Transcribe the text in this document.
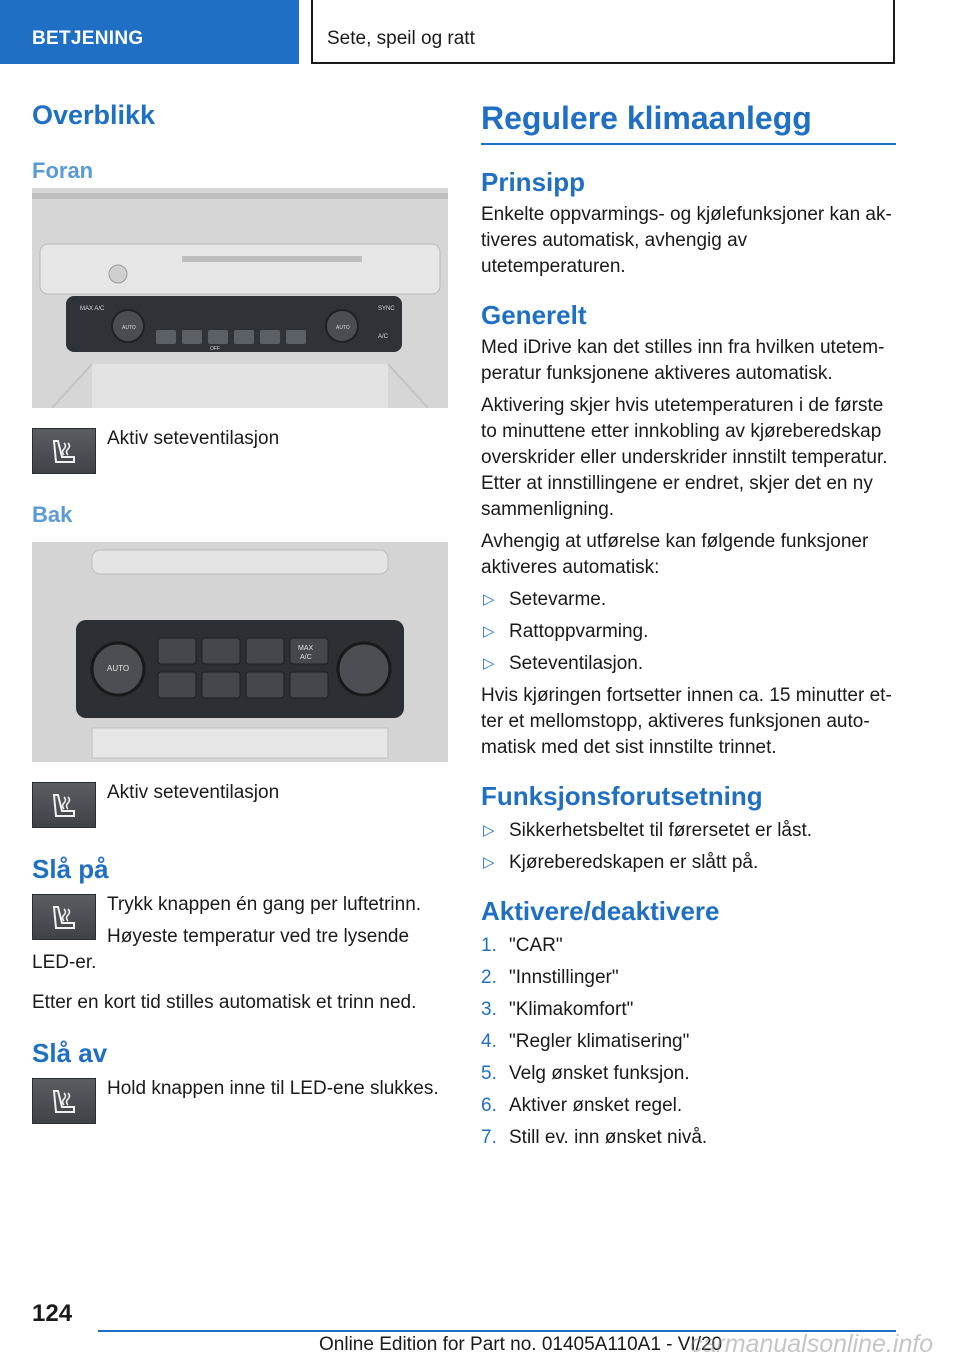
BETJENING	Sete, speil og ratt
Overblikk
Foran
MAX A/C
AUTO
OFF
AUTO
SYNC
A/C

Aktiv seteventilasjon

Bak
AUTO
MAX
A/C

Aktiv seteventilasjon

Slå på

Trykk knappen én gang per luftetrinn.

Høyeste temperatur ved tre lysende

LED-er.

Etter en kort tid stilles automatisk et trinn ned.

Slå av

Hold knappen inne til LED-ene slukkes.

Regulere klimaanlegg
Prinsipp

Enkelte oppvarmings- og kjølefunksjoner kan aktiveres automatisk, avhengig av utetemperaturen.

Generelt

Med iDrive kan det stilles inn fra hvilken utetemperatur funksjonene aktiveres automatisk.

Aktivering skjer hvis utetemperaturen i de første to minuttene etter innkobling av kjøreberedskap overskrider eller underskrider innstilt temperatur. Etter at innstillingene er endret, skjer det en ny sammenligning.

Avhengig at utførelse kan følgende funksjoner aktiveres automatisk:

▷ Setevarme.
▷ Rattoppvarming.
▷ Seteventilasjon.

Hvis kjøringen fortsetter innen ca. 15 minutter etter et mellomstopp, aktiveres funksjonen automatisk med det sist innstilte trinnet.

Funksjonsforutsetning
▷ Sikkerhetsbeltet til førersetet er låst.
▷ Kjøreberedskapen er slått på.
Aktivere/deaktivere
1. "CAR"
2. "Innstillinger"
3. "Klimakomfort"
4. "Regler klimatisering"
5. Velg ønsket funksjon.
6. Aktiver ønsket regel.
7. Still ev. inn ønsket nivå.
124
Online Edition for Part no. 01405A110A1 - VI/20
carmanualsonline.info
